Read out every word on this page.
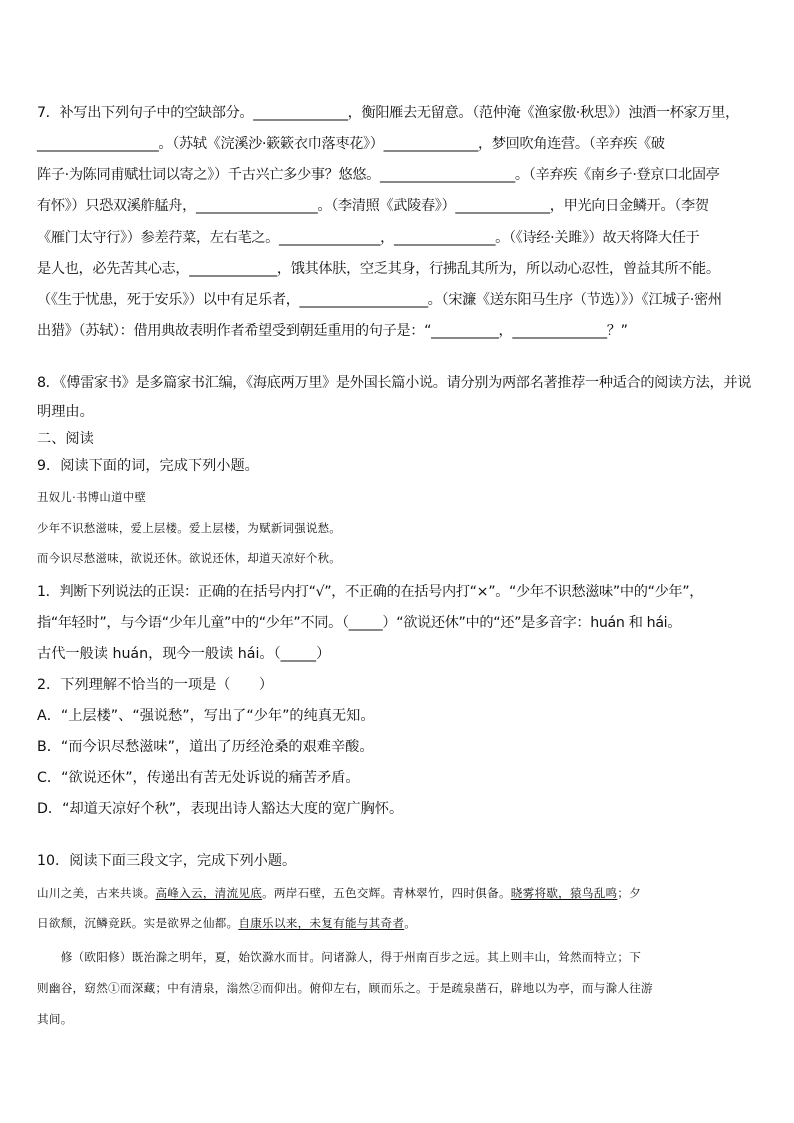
7．补写出下列句子中的空缺部分。______________，衡阳雁去无留意。（范仲淹《渔家傲·秋思》）浊酒一杯家万里，
__________________。（苏轼《浣溪沙·簌簌衣巾落枣花》）______________，梦回吹角连营。（辛弃疾《破
阵子·为陈同甫赋壮词以寄之》）千古兴亡多少事？悠悠。____________________。（辛弃疾《南乡子·登京口北固亭
有怀》）只恐双溪舴艋舟，__________________。（李清照《武陵春》）______________，甲光向日金鳞开。（李贺
《雁门太守行》）参差荇菜，左右芼之。_______________，_______________。（《诗经·关雎》）故天将降大任于
是人也，必先苦其心志，_____________，饿其体肤，空乏其身，行拂乱其所为，所以动心忍性，曾益其所不能。
（《生于忧患，死于安乐》）以中有足乐者，___________________。（宋濂《送东阳马生序（节选）》）《江城子·密州
出猎》（苏轼）：借用典故表明作者希望受到朝廷重用的句子是：“__________，______________？”
8．《傅雷家书》是多篇家书汇编，《海底两万里》是外国长篇小说。请分别为两部名著推荐一种适合的阅读方法，并说
明理由。
二、阅读
9．阅读下面的词，完成下列小题。
丑奴儿·书博山道中壁
少年不识愁滋味，爱上层楼。爱上层楼，为赋新词强说愁。
而今识尽愁滋味，欲说还休。欲说还休，却道天凉好个秋。
1．判断下列说法的正误：正确的在括号内打“√”，不正确的在括号内打“×”。“少年不识愁滋味”中的“少年”，
指“年轻时”，与今语“少年儿童”中的“少年”不同。（_____）“欲说还休”中的“还”是多音字：huán 和 hái。
古代一般读 huán，现今一般读 hái。（_____）
2．下列理解不恰当的一项是（　　）
A．“上层楼”、“强说愁”，写出了“少年”的纯真无知。
B．“而今识尽愁滋味”，道出了历经沧桑的艰难辛酸。
C．“欲说还休”，传递出有苦无处诉说的痛苦矛盾。
D．“却道天凉好个秋”，表现出诗人豁达大度的宽广胸怀。
10．阅读下面三段文字，完成下列小题。
山川之美，古来共谈。高峰入云，清流见底。两岸石壁，五色交辉。青林翠竹，四时俱备。晓雾将歇，猿鸟乱鸣；夕
日欲颓，沉鳞竞跃。实是欲界之仙都。自康乐以来，未复有能与其奇者。
　　修（欧阳修）既治滁之明年，夏，始饮滁水而甘。问诸滁人，得于州南百步之远。其上则丰山，耸然而特立；下
则幽谷，窈然①而深藏；中有清泉，滃然②而仰出。俯仰左右，顾而乐之。于是疏泉凿石，辟地以为亭，而与滁人往游
其间。
